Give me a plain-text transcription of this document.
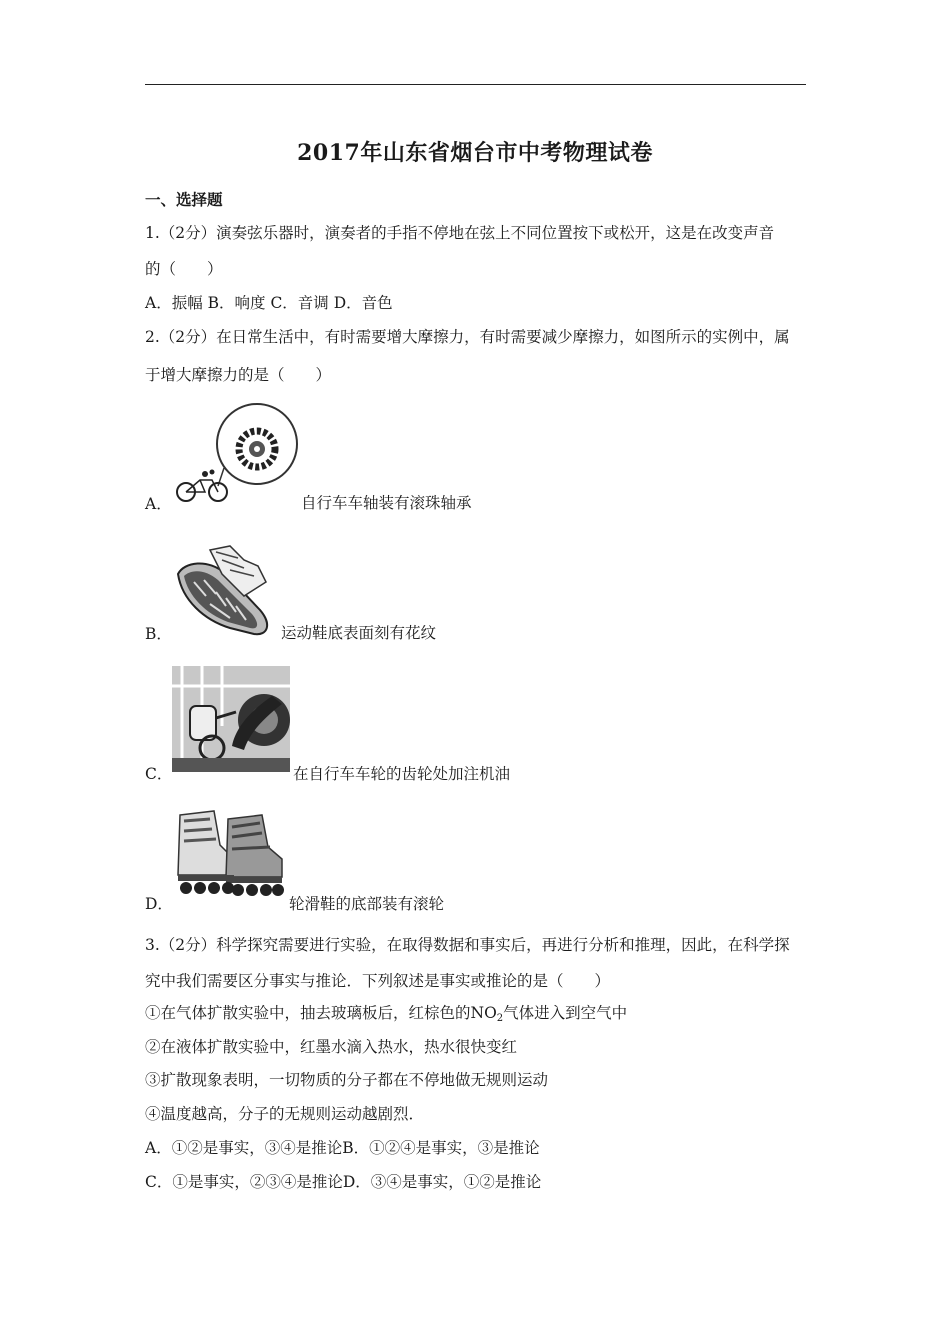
2017年山东省烟台市中考物理试卷
一、选择题
1.（2分）演奏弦乐器时，演奏者的手指不停地在弦上不同位置按下或松开，这是在改变声音
的（　　）
A．振幅 B．响度 C．音调 D．音色
2.（2分）在日常生活中，有时需要增大摩擦力，有时需要减少摩擦力，如图所示的实例中，属
于增大摩擦力的是（　　）
A．	自行车车轴装有滚珠轴承
B．	运动鞋底表面刻有花纹
C．	在自行车车轮的齿轮处加注机油
D．	轮滑鞋的底部装有滚轮
3.（2分）科学探究需要进行实验，在取得数据和事实后，再进行分析和推理，因此，在科学探
究中我们需要区分事实与推论．下列叙述是事实或推论的是（　　）
①在气体扩散实验中，抽去玻璃板后，红棕色的$NO_2$气体进入到空气中
②在液体扩散实验中，红墨水滴入热水，热水很快变红
③扩散现象表明，一切物质的分子都在不停地做无规则运动
④温度越高，分子的无规则运动越剧烈．
A．①②是事实，③④是推论B．①②④是事实，③是推论
C．①是事实，②③④是推论D．③④是事实，①②是推论
